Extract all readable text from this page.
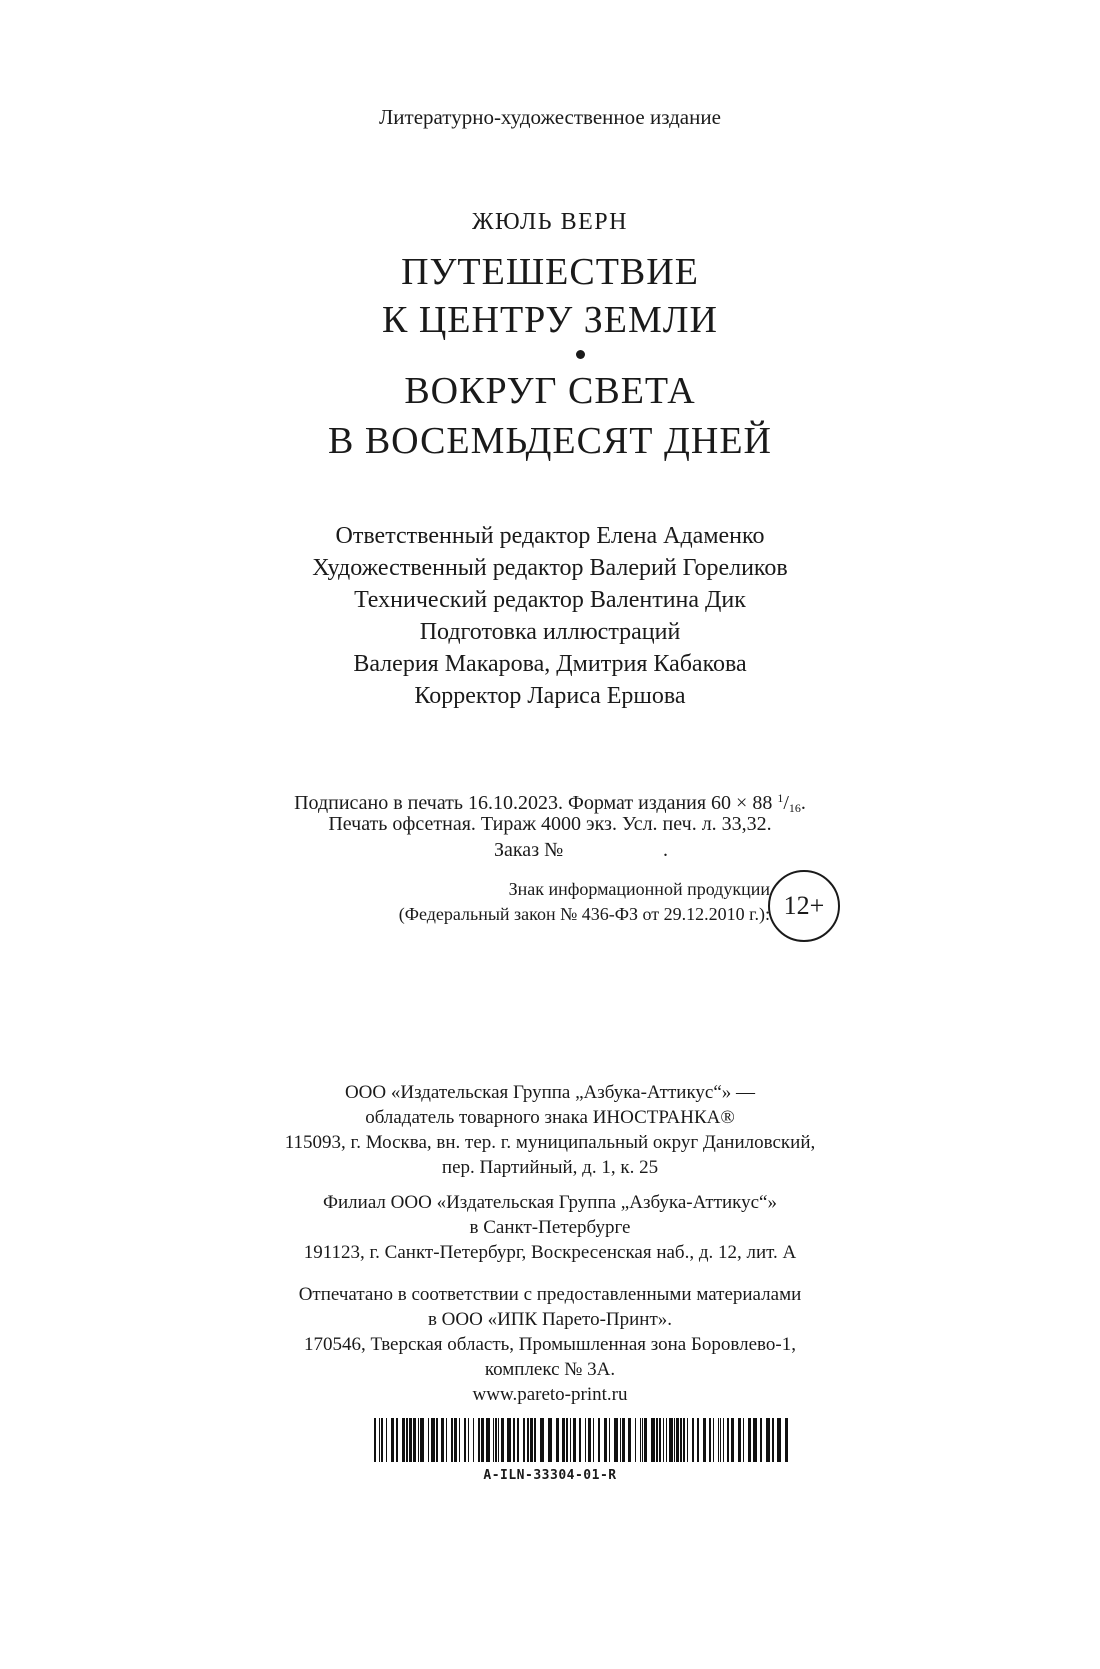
Литературно-художественное издание
ЖЮЛЬ ВЕРН
ПУТЕШЕСТВИЕ
К ЦЕНТРУ ЗЕМЛИ
ВОКРУГ СВЕТА
В ВОСЕМЬДЕСЯТ ДНЕЙ
Ответственный редактор Елена Адаменко
Художественный редактор Валерий Гореликов
Технический редактор Валентина Дик
Подготовка иллюстраций
Валерия Макарова, Дмитрия Кабакова
Корректор Лариса Ершова
Подписано в печать 16.10.2023. Формат издания 60 × 88 $^1/_{16}$.
Печать офсетная. Тираж 4000 экз. Усл. печ. л. 33,32.
Заказ №	.
Знак информационной продукции
(Федеральный закон № 436-ФЗ от 29.12.2010 г.): 12+
ООО «Издательская Группа „Азбука-Аттикус“» —
обладатель товарного знака ИНОСТРАНКА®
115093, г. Москва, вн. тер. г. муниципальный округ Даниловский,
пер. Партийный, д. 1, к. 25
Филиал ООО «Издательская Группа „Азбука-Аттикус“»
в Санкт-Петербурге
191123, г. Санкт-Петербург, Воскресенская наб., д. 12, лит. А
Отпечатано в соответствии с предоставленными материалами
в ООО «ИПК Парето-Принт».
170546, Тверская область, Промышленная зона Боровлево-1,
комплекс № 3А.
www.pareto-print.ru
A-ILN-33304-01-R
